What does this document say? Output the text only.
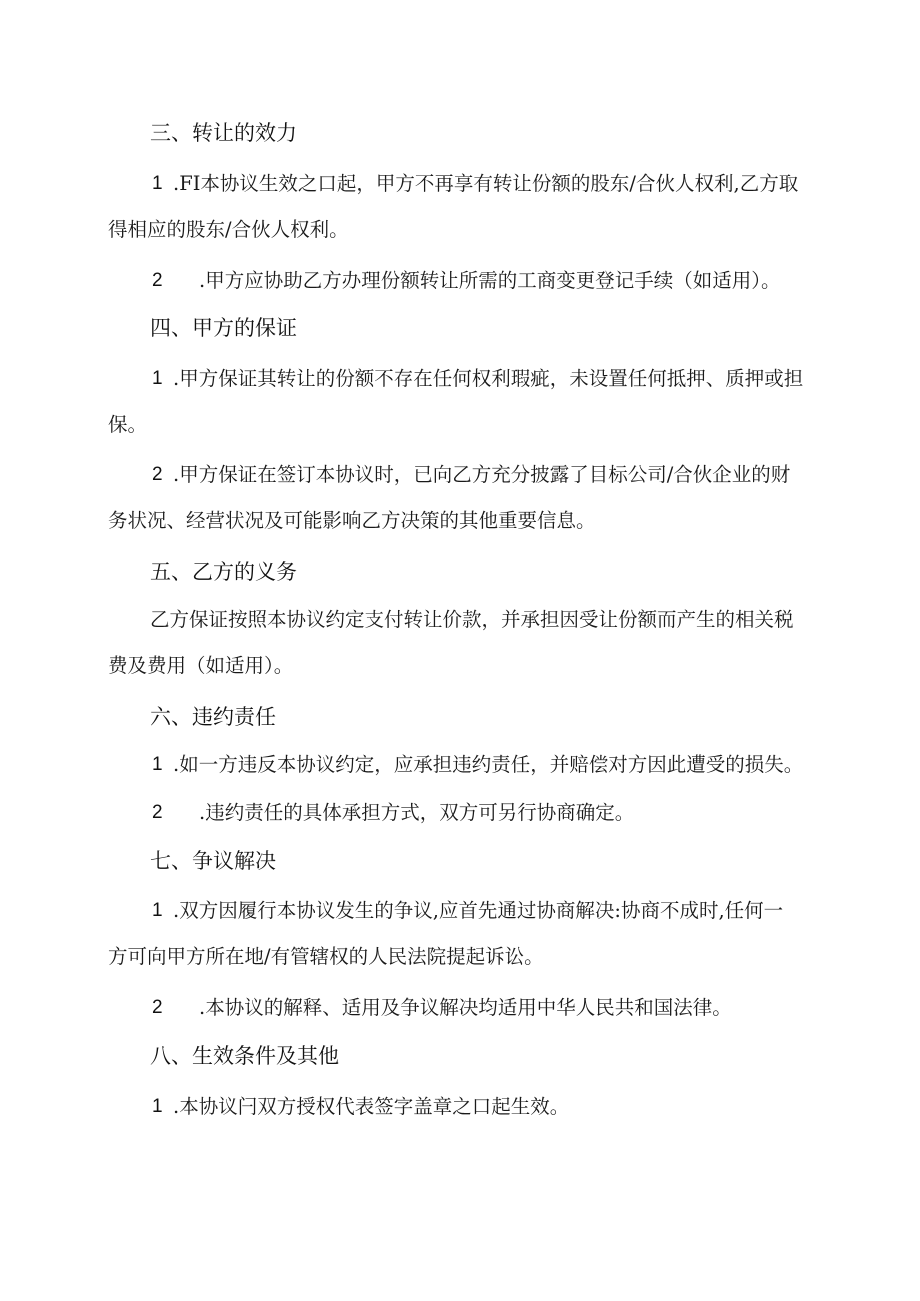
三、转让的效力
1 .FI本协议生效之口起，甲方不再享有转让份额的股东/合伙人权利,乙方取
得相应的股东/合伙人权利。
2 .甲方应协助乙方办理份额转让所需的工商变更登记手续（如适用）。
四、甲方的保证
1 .甲方保证其转让的份额不存在任何权利瑕疵，未设置任何抵押、质押或担
保。
2 .甲方保证在签订本协议时，已向乙方充分披露了目标公司/合伙企业的财
务状况、经营状况及可能影响乙方决策的其他重要信息。
五、乙方的义务
乙方保证按照本协议约定支付转让价款，并承担因受让份额而产生的相关税
费及费用（如适用）。
六、违约责任
1 .如一方违反本协议约定，应承担违约责任，并赔偿对方因此遭受的损失。
2 .违约责任的具体承担方式，双方可另行协商确定。
七、争议解决
1 .双方因履行本协议发生的争议,应首先通过协商解决:协商不成时,任何一
方可向甲方所在地/有管辖权的人民法院提起诉讼。
2 .本协议的解释、适用及争议解决均适用中华人民共和国法律。
八、生效条件及其他
1 .本协议闩双方授权代表签字盖章之口起生效。
